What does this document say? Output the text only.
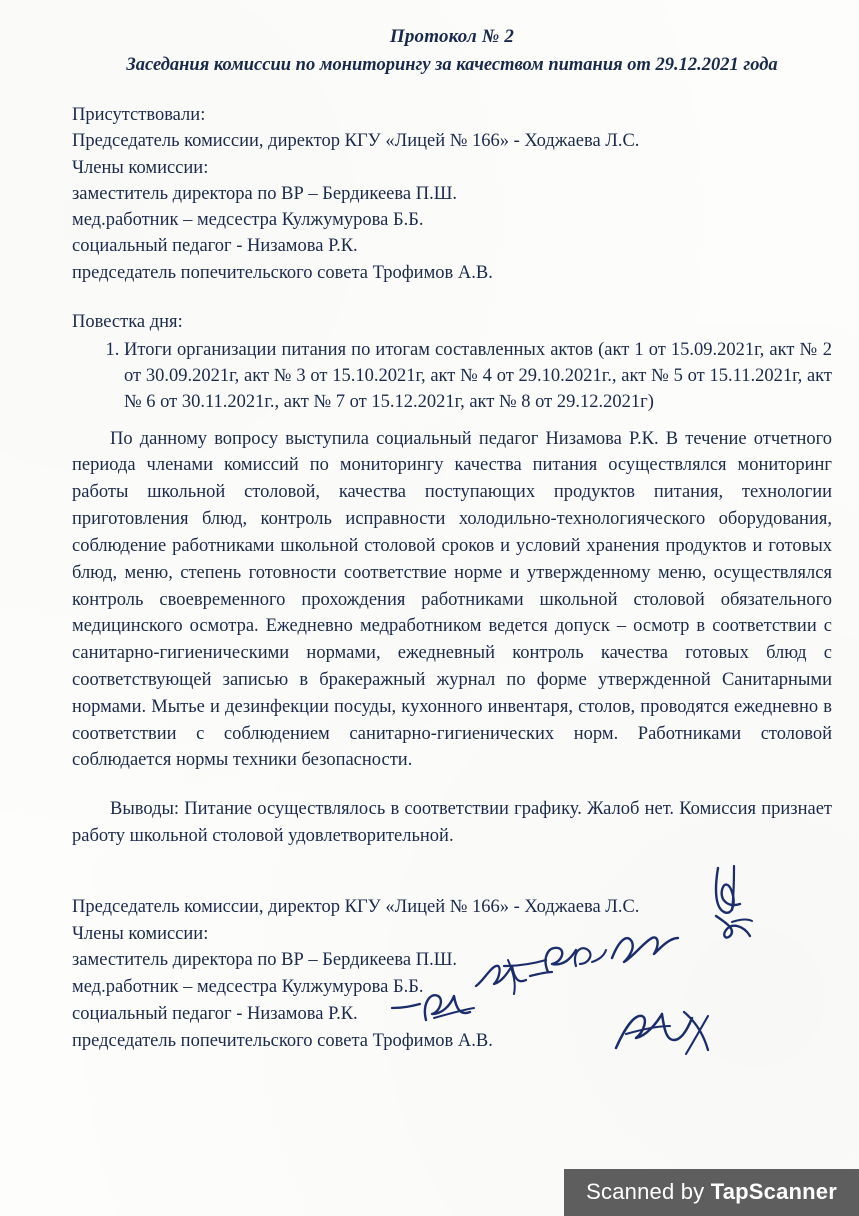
Протокол № 2
Заседания комиссии по мониторингу за качеством питания от 29.12.2021 года
Присутствовали:
Председатель комиссии, директор КГУ «Лицей № 166» - Ходжаева Л.С.
Члены комиссии:
заместитель директора по ВР – Бердикеева П.Ш.
мед.работник – медсестра Кулжумурова Б.Б.
социальный педагог - Низамова Р.К.
председатель попечительского совета Трофимов А.В.
Повестка дня:
1. Итоги организации питания по итогам составленных актов (акт 1 от 15.09.2021г, акт № 2 от 30.09.2021г, акт № 3 от 15.10.2021г, акт № 4 от 29.10.2021г., акт № 5 от 15.11.2021г, акт № 6 от 30.11.2021г., акт № 7 от 15.12.2021г, акт № 8 от 29.12.2021г)
По данному вопросу выступила социальный педагог Низамова Р.К. В течение отчетного периода членами комиссий по мониторингу качества питания осуществлялся мониторинг работы школьной столовой, качества поступающих продуктов питания, технологии приготовления блюд, контроль исправности холодильно-технологияческого оборудования, соблюдение работниками школьной столовой сроков и условий хранения продуктов и готовых блюд, меню, степень готовности соответствие норме и утвержденному меню, осуществлялся контроль своевременного прохождения работниками школьной столовой обязательного медицинского осмотра. Ежедневно медработником ведется допуск – осмотр в соответствии с санитарно-гигиеническими нормами, ежедневный контроль качества готовых блюд с соответствующей записью в бракеражный журнал по форме утвержденной Санитарными нормами. Мытье и дезинфекции посуды, кухонного инвентаря, столов, проводятся ежедневно в соответствии с соблюдением санитарно-гигиенических норм. Работниками столовой соблюдается нормы техники безопасности.
Выводы: Питание осуществлялось в соответствии графику. Жалоб нет. Комиссия признает работу школьной столовой удовлетворительной.
Председатель комиссии, директор КГУ «Лицей № 166» - Ходжаева Л.С.
Члены комиссии:
заместитель директора по ВР – Бердикеева П.Ш.
мед.работник – медсестра Кулжумурова Б.Б.
социальный педагог - Низамова Р.К.
председатель попечительского совета Трофимов А.В.
Scanned by TapScanner
